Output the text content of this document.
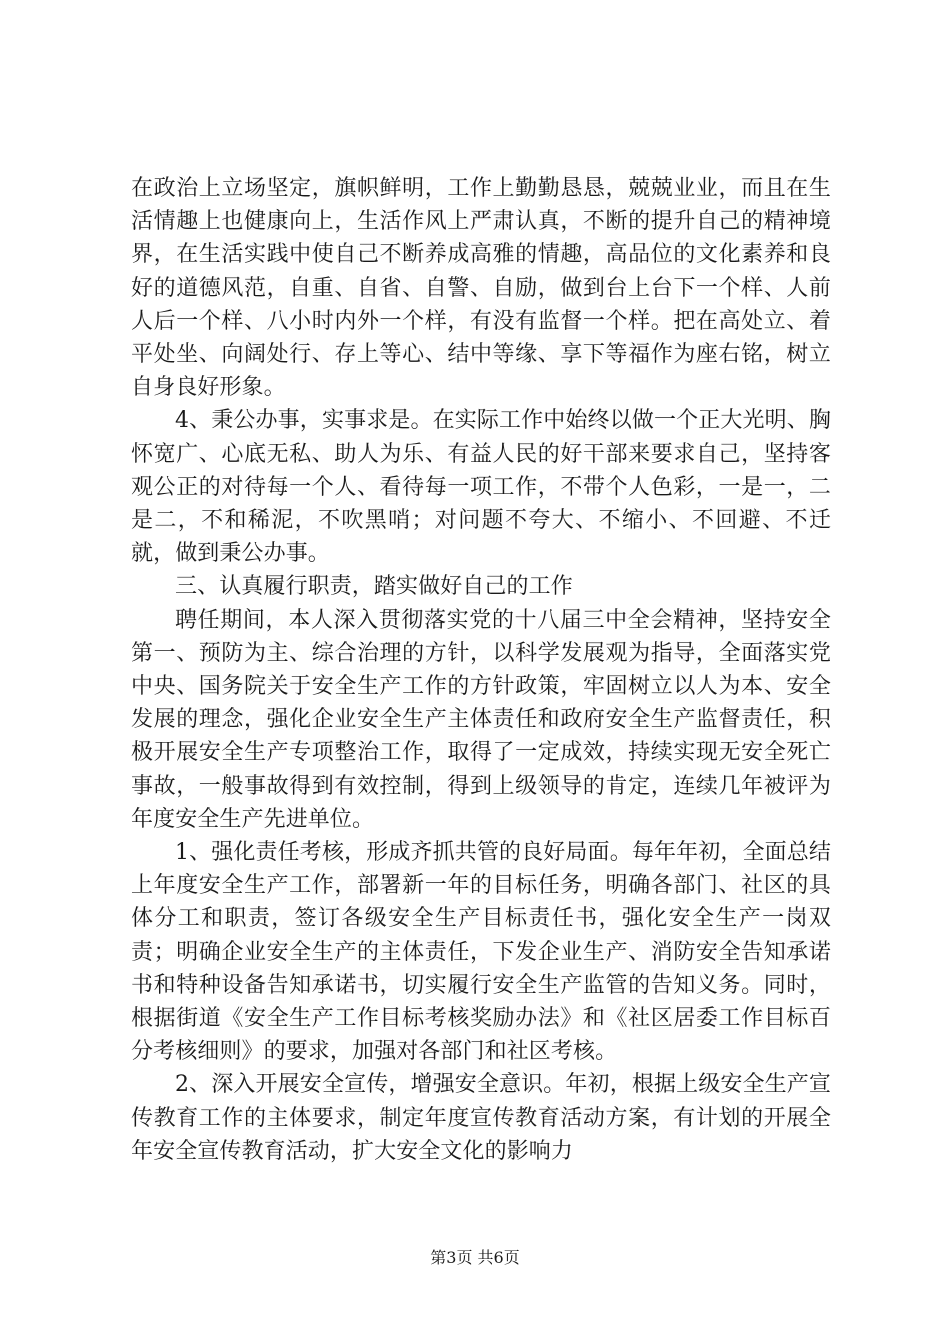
在政治上立场坚定，旗帜鲜明，工作上勤勤恳恳，兢兢业业，而且在生活情趣上也健康向上，生活作风上严肃认真，不断的提升自己的精神境界，在生活实践中使自己不断养成高雅的情趣，高品位的文化素养和良好的道德风范，自重、自省、自警、自励，做到台上台下一个样、人前人后一个样、八小时内外一个样，有没有监督一个样。把在高处立、着平处坐、向阔处行、存上等心、结中等缘、享下等福作为座右铭，树立自身良好形象。

4、秉公办事，实事求是。在实际工作中始终以做一个正大光明、胸怀宽广、心底无私、助人为乐、有益人民的好干部来要求自己，坚持客观公正的对待每一个人、看待每一项工作，不带个人色彩，一是一，二是二，不和稀泥，不吹黑哨；对问题不夸大、不缩小、不回避、不迁就，做到秉公办事。

三、认真履行职责，踏实做好自己的工作

聘任期间，本人深入贯彻落实党的十八届三中全会精神，坚持安全第一、预防为主、综合治理的方针，以科学发展观为指导，全面落实党中央、国务院关于安全生产工作的方针政策，牢固树立以人为本、安全发展的理念，强化企业安全生产主体责任和政府安全生产监督责任，积极开展安全生产专项整治工作，取得了一定成效，持续实现无安全死亡事故，一般事故得到有效控制，得到上级领导的肯定，连续几年被评为年度安全生产先进单位。

1、强化责任考核，形成齐抓共管的良好局面。每年年初，全面总结上年度安全生产工作，部署新一年的目标任务，明确各部门、社区的具体分工和职责，签订各级安全生产目标责任书，强化安全生产一岗双责；明确企业安全生产的主体责任，下发企业生产、消防安全告知承诺书和特种设备告知承诺书，切实履行安全生产监管的告知义务。同时，根据街道《安全生产工作目标考核奖励办法》和《社区居委工作目标百分考核细则》的要求，加强对各部门和社区考核。

2、深入开展安全宣传，增强安全意识。年初，根据上级安全生产宣传教育工作的主体要求，制定年度宣传教育活动方案，有计划的开展全年安全宣传教育活动，扩大安全文化的影响力

第3页 共6页
